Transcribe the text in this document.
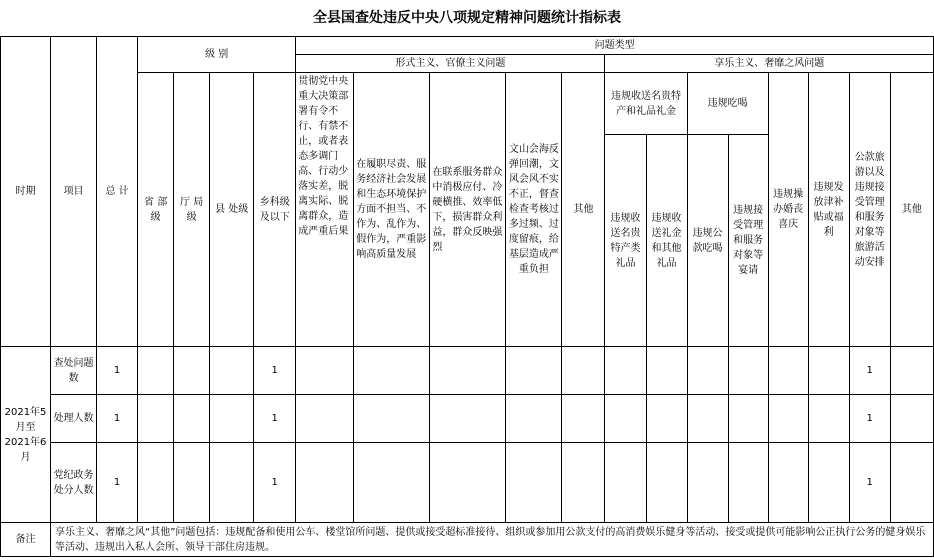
全县国查处违反中央八项规定精神问题统计指标表
时期	项目	总 计	级 别				问题类型												
							形式主义、官僚主义问题					享乐主义、奢靡之风问题							
			省 部级	厅 局级	县 处级	乡科级及以下	贯彻党中央重大决策部署有令不行、有禁不止，或者表态多调门高、行动少落实差，脱离实际、脱离群众，造成严重后果	在履职尽责、服务经济社会发展和生态环境保护方面不担当、不作为、乱作为、假作为，严重影响高质量发展	在联系服务群众中消极应付、冷硬横推、效率低下，损害群众利益，群众反映强烈	文山会海反弹回潮，文风会风不实不正，督查检查考核过多过频、过度留痕，给基层造成严重负担	其他	违规收送名贵特产和礼品礼金		违规吃喝		违规操办婚丧喜庆	违规发放津补贴或福利	公款旅游以及违规接受管理和服务对象等旅游活动安排	其他
												违规收送名贵特产类礼品	违规收送礼金和其他礼品	违规公款吃喝	违规接受管理和服务对象等宴请				

2021年5月至2021年6月	查处问题数	1				1												1	
	处理人数	1				1												1	
	党纪政务处分人数	1				1												1	
备注	享乐主义、奢靡之风“其他”问题包括：违规配备和使用公车、楼堂馆所问题、提供或接受超标准接待、组织或参加用公款支付的高消费娱乐健身等活动、接受或提供可能影响公正执行公务的健身娱乐等活动、违规出入私人会所、领导干部住房违规。																		
